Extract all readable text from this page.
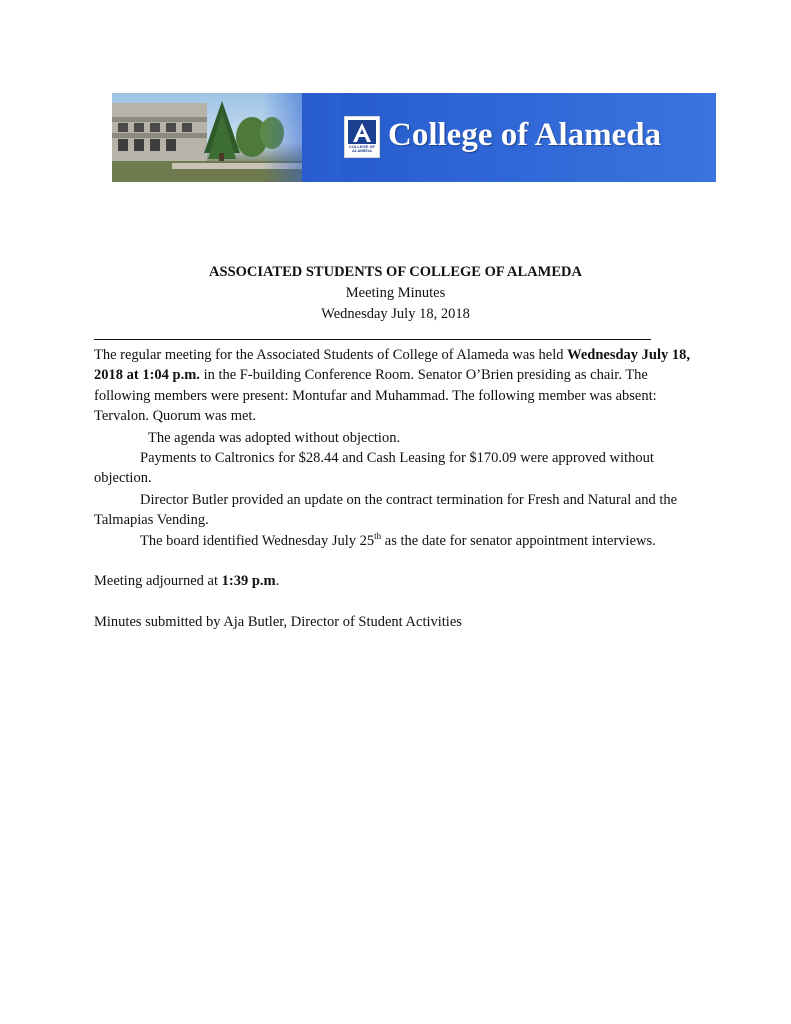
COLLEGE OF ALAMEDA College of Alameda
ASSOCIATED STUDENTS OF COLLEGE OF ALAMEDA
Meeting Minutes
Wednesday July 18, 2018
The regular meeting for the Associated Students of College of Alameda was held Wednesday July 18, 2018 at 1:04 p.m. in the F-building Conference Room. Senator O’Brien presiding as chair. The following members were present: Montufar and Muhammad. The following member was absent: Tervalon. Quorum was met.
The agenda was adopted without objection.
Payments to Caltronics for $28.44 and Cash Leasing for $170.09 were approved without objection.
Director Butler provided an update on the contract termination for Fresh and Natural and the Talmapias Vending.
The board identified Wednesday July 25th as the date for senator appointment interviews.
Meeting adjourned at 1:39 p.m.
Minutes submitted by Aja Butler, Director of Student Activities
